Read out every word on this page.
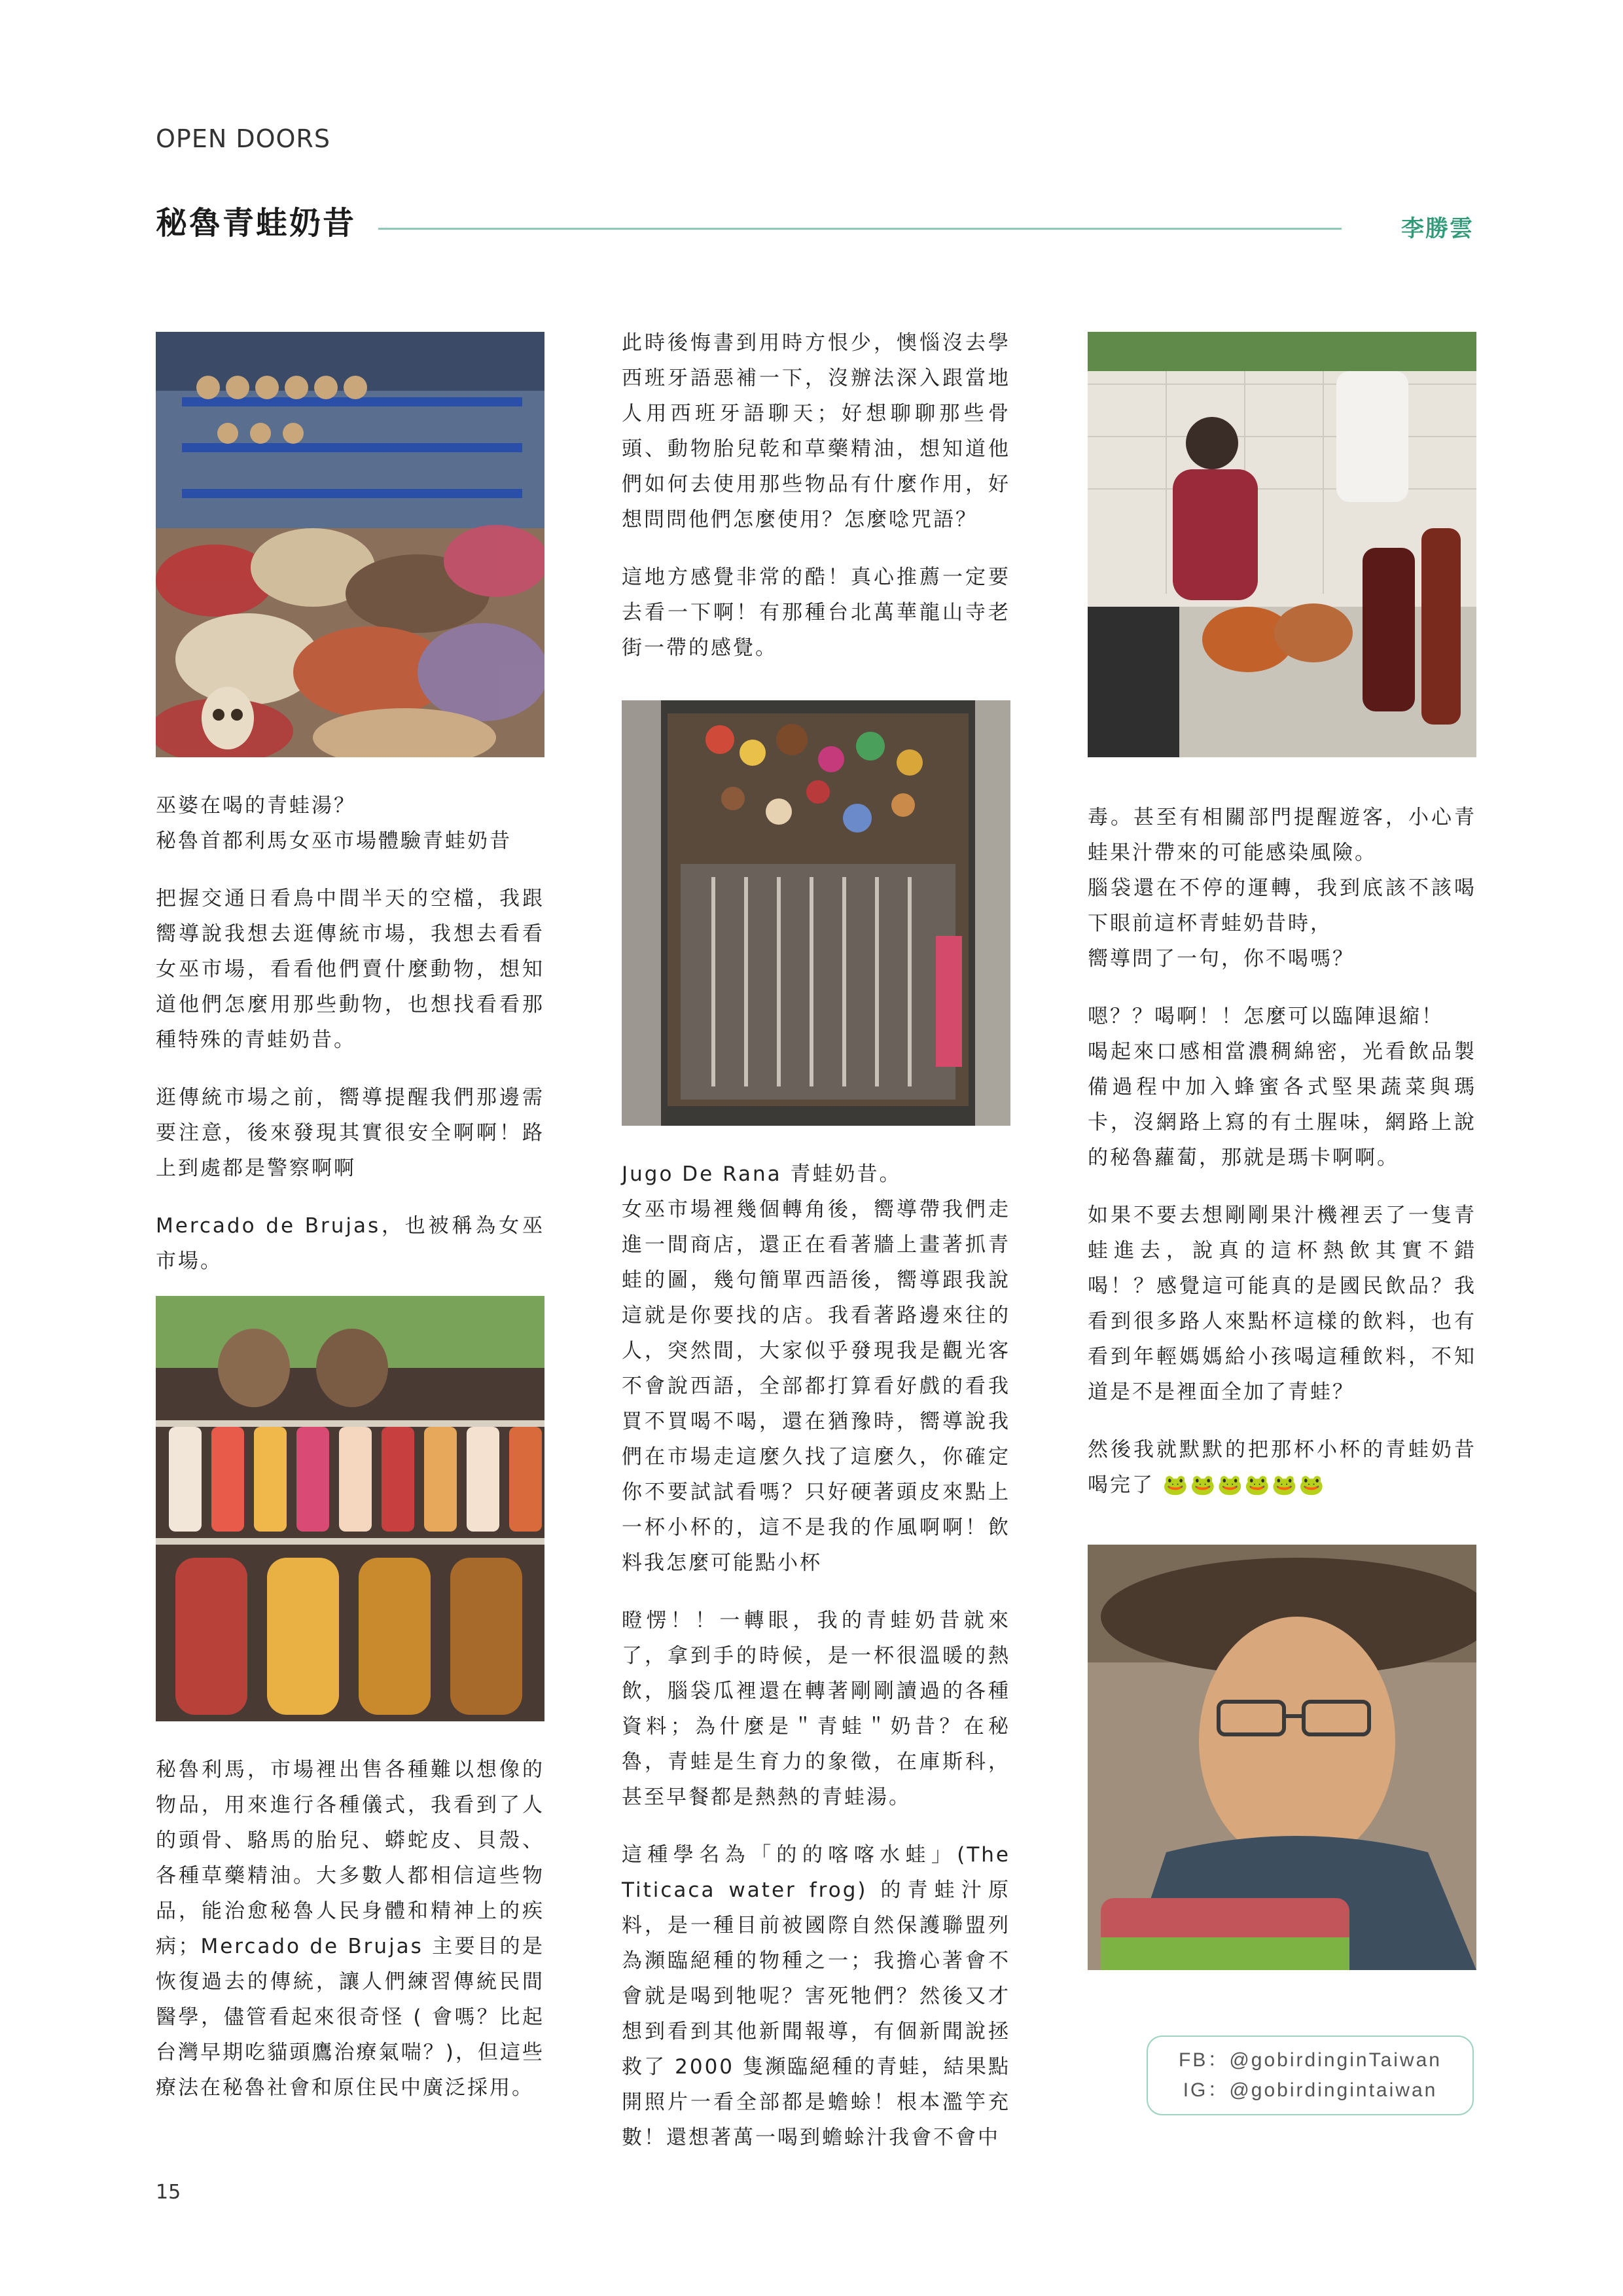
OPEN DOORS
秘魯青蛙奶昔	李勝雲

巫婆在喝的青蛙湯？

秘魯首都利馬女巫市場體驗青蛙奶昔

把握交通日看鳥中間半天的空檔，我跟嚮導說我想去逛傳統市場，我想去看看女巫市場，看看他們賣什麼動物，想知道他們怎麼用那些動物，也想找看看那種特殊的青蛙奶昔。

逛傳統市場之前，嚮導提醒我們那邊需要注意，後來發現其實很安全啊啊！路上到處都是警察啊啊

Mercado de Brujas，也被稱為女巫市場。

秘魯利馬，市場裡出售各種難以想像的物品，用來進行各種儀式，我看到了人的頭骨、駱馬的胎兒、蟒蛇皮、貝殼、各種草藥精油。大多數人都相信這些物品，能治愈秘魯人民身體和精神上的疾病；Mercado de Brujas 主要目的是恢復過去的傳統，讓人們練習傳統民間醫學，儘管看起來很奇怪 ( 會嗎？比起台灣早期吃貓頭鷹治療氣喘？)，但這些療法在秘魯社會和原住民中廣泛採用。

此時後悔書到用時方恨少，懊惱沒去學西班牙語惡補一下，沒辦法深入跟當地人用西班牙語聊天；好想聊聊那些骨頭、動物胎兒乾和草藥精油，想知道他們如何去使用那些物品有什麼作用，好想問問他們怎麼使用？怎麼唸咒語？

這地方感覺非常的酷！真心推薦一定要去看一下啊！有那種台北萬華龍山寺老街一帶的感覺。

Jugo De Rana 青蛙奶昔。

女巫市場裡幾個轉角後，嚮導帶我們走進一間商店，還正在看著牆上畫著抓青蛙的圖，幾句簡單西語後，嚮導跟我說這就是你要找的店。我看著路邊來往的人，突然間，大家似乎發現我是觀光客不會說西語，全部都打算看好戲的看我買不買喝不喝，還在猶豫時，嚮導說我們在市場走這麼久找了這麼久，你確定你不要試試看嗎？只好硬著頭皮來點上一杯小杯的，這不是我的作風啊啊！飲料我怎麼可能點小杯

瞪愣！！一轉眼，我的青蛙奶昔就來了，拿到手的時候，是一杯很溫暖的熱飲，腦袋瓜裡還在轉著剛剛讀過的各種資料；為什麼是＂青蛙＂奶昔？在秘魯，青蛙是生育力的象徵，在庫斯科，甚至早餐都是熱熱的青蛙湯。

這種學名為「的的喀喀水蛙」(The Titicaca water frog) 的青蛙汁原料，是一種目前被國際自然保護聯盟列為瀕臨絕種的物種之一；我擔心著會不會就是喝到牠呢？害死牠們？然後又才想到看到其他新聞報導，有個新聞說拯救了 2000 隻瀕臨絕種的青蛙，結果點開照片一看全部都是蟾蜍！根本濫竽充數！還想著萬一喝到蟾蜍汁我會不會中

毒。甚至有相關部門提醒遊客，小心青蛙果汁帶來的可能感染風險。

腦袋還在不停的運轉，我到底該不該喝下眼前這杯青蛙奶昔時，

嚮導問了一句，你不喝嗎？

嗯？？喝啊！！怎麼可以臨陣退縮！

喝起來口感相當濃稠綿密，光看飲品製備過程中加入蜂蜜各式堅果蔬菜與瑪卡，沒網路上寫的有土腥味，網路上說的秘魯蘿蔔，那就是瑪卡啊啊。

如果不要去想剛剛果汁機裡丟了一隻青蛙進去，說真的這杯熱飲其實不錯喝！？感覺這可能真的是國民飲品？我看到很多路人來點杯這樣的飲料，也有看到年輕媽媽給小孩喝這種飲料，不知道是不是裡面全加了青蛙？

然後我就默默的把那杯小杯的青蛙奶昔喝完了 🐸🐸🐸🐸🐸🐸

FB：@gobirdinginTaiwan
IG：@gobirdingintaiwan
15
